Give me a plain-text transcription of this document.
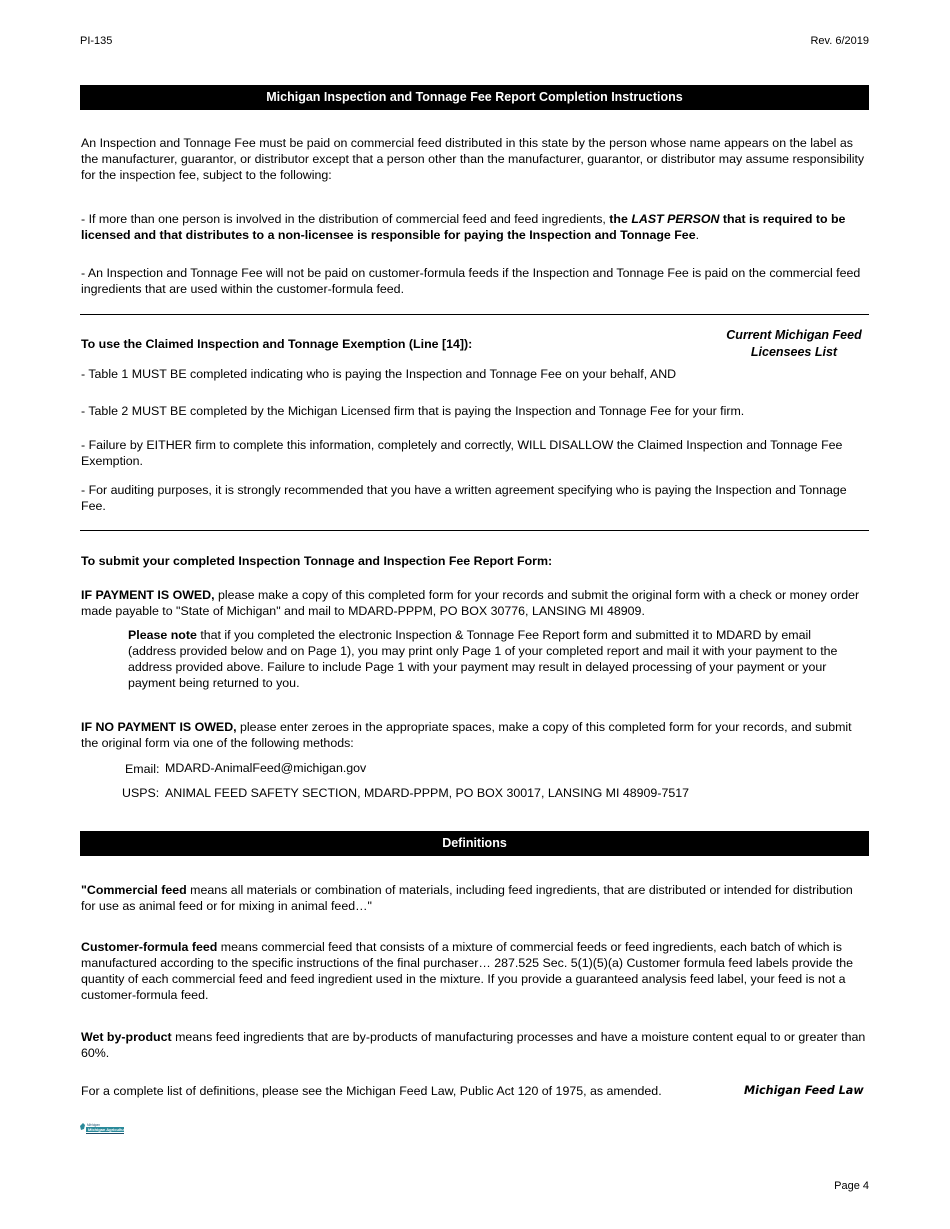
PI-135	Rev. 6/2019
Michigan Inspection and Tonnage Fee Report Completion Instructions
An Inspection and Tonnage Fee must be paid on commercial feed distributed in this state by the person whose name appears on the label as the manufacturer, guarantor, or distributor except that a person other than the manufacturer, guarantor, or distributor may assume responsibility for the inspection fee, subject to the following:
- If more than one person is involved in the distribution of commercial feed and feed ingredients, the LAST PERSON that is required to be licensed and that distributes to a non-licensee is responsible for paying the Inspection and Tonnage Fee.
- An Inspection and Tonnage Fee will not be paid on customer-formula feeds if the Inspection and Tonnage Fee is paid on the commercial feed ingredients that are used within the customer-formula feed.
To use the Claimed Inspection and Tonnage Exemption (Line [14]):
Current Michigan Feed
Licensees List
- Table 1 MUST BE completed indicating who is paying the Inspection and Tonnage Fee on your behalf, AND
- Table 2 MUST BE completed by the Michigan Licensed firm that is paying the Inspection and Tonnage Fee for your firm.
- Failure by EITHER firm to complete this information, completely and correctly, WILL DISALLOW the Claimed Inspection and Tonnage Fee Exemption.
- For auditing purposes, it is strongly recommended that you have a written agreement specifying who is paying the Inspection and Tonnage Fee.
To submit your completed Inspection Tonnage and Inspection Fee Report Form:
IF PAYMENT IS OWED, please make a copy of this completed form for your records and submit the original form with a check or money order made payable to "State of Michigan" and mail to MDARD-PPPM, PO BOX 30776, LANSING MI 48909.
Please note that if you completed the electronic Inspection & Tonnage Fee Report form and submitted it to MDARD by email (address provided below and on Page 1), you may print only Page 1 of your completed report and mail it with your payment to the address provided above. Failure to include Page 1 with your payment may result in delayed processing of your payment or your payment being returned to you.
IF NO PAYMENT IS OWED, please enter zeroes in the appropriate spaces, make a copy of this completed form for your records, and submit the original form via one of the following methods:
Email: MDARD-AnimalFeed@michigan.gov
USPS: ANIMAL FEED SAFETY SECTION, MDARD-PPPM, PO BOX 30017, LANSING MI 48909-7517
Definitions
"Commercial feed means all materials or combination of materials, including feed ingredients, that are distributed or intended for distribution for use as animal feed or for mixing in animal feed…"
Customer-formula feed means commercial feed that consists of a mixture of commercial feeds or feed ingredients, each batch of which is manufactured according to the specific instructions of the final purchaser… 287.525 Sec. 5(1)(5)(a) Customer formula feed labels provide the quantity of each commercial feed and feed ingredient used in the mixture. If you provide a guaranteed analysis feed label, your feed is not a customer-formula feed.
Wet by-product means feed ingredients that are by-products of manufacturing processes and have a moisture content equal to or greater than 60%.
For a complete list of definitions, please see the Michigan Feed Law, Public Act 120 of 1975, as amended.	Michigan Feed Law
Michigan
Michigan Agriculture
Page 4
